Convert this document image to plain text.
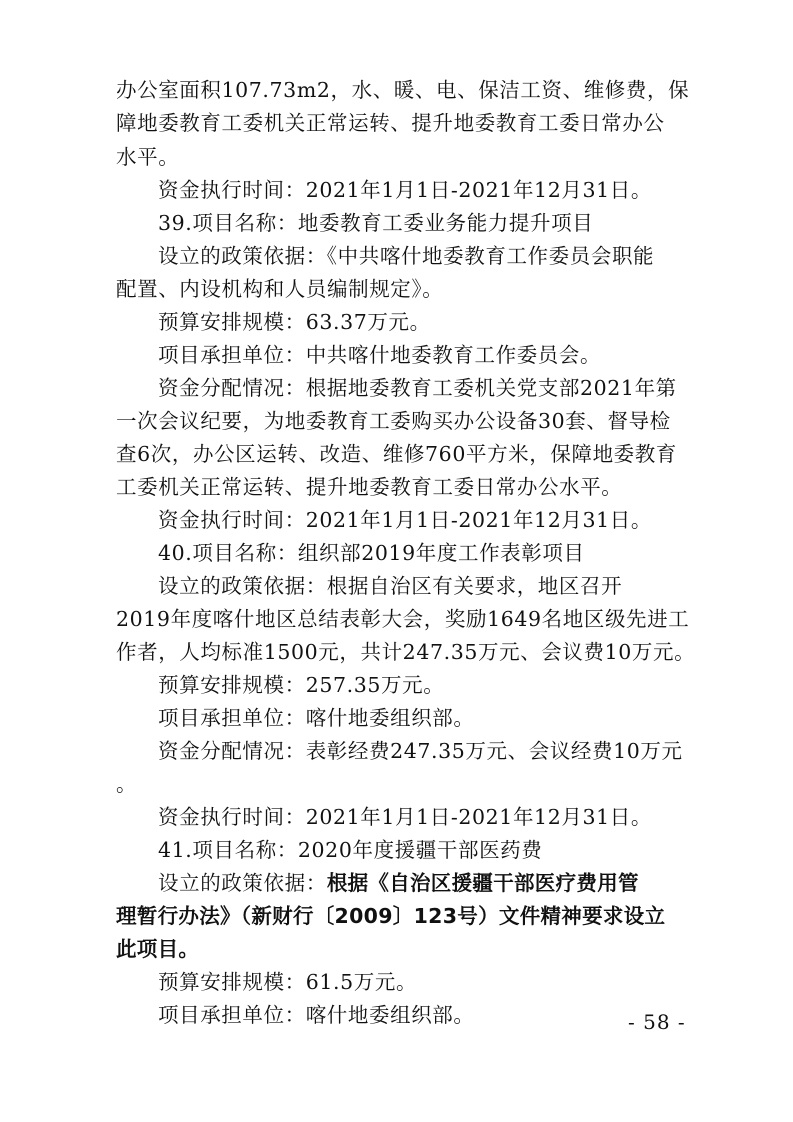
办公室面积107.73m2，水、暖、电、保洁工资、维修费，保
障地委教育工委机关正常运转、提升地委教育工委日常办公
水平。
资金执行时间：2021年1月1日-2021年12月31日。
39.项目名称：地委教育工委业务能力提升项目
设立的政策依据：《中共喀什地委教育工作委员会职能
配置、内设机构和人员编制规定》。
预算安排规模：63.37万元。
项目承担单位：中共喀什地委教育工作委员会。
资金分配情况：根据地委教育工委机关党支部2021年第
一次会议纪要，为地委教育工委购买办公设备30套、督导检
查6次，办公区运转、改造、维修760平方米，保障地委教育
工委机关正常运转、提升地委教育工委日常办公水平。
资金执行时间：2021年1月1日-2021年12月31日。
40.项目名称：组织部2019年度工作表彰项目
设立的政策依据：根据自治区有关要求，地区召开
2019年度喀什地区总结表彰大会，奖励1649名地区级先进工
作者，人均标准1500元，共计247.35万元、会议费10万元。
预算安排规模：257.35万元。
项目承担单位：喀什地委组织部。
资金分配情况：表彰经费247.35万元、会议经费10万元
。
资金执行时间：2021年1月1日-2021年12月31日。
41.项目名称：2020年度援疆干部医药费
设立的政策依据：根据《自治区援疆干部医疗费用管
理暂行办法》（新财行〔2009〕123号）文件精神要求设立
此项目。
预算安排规模：61.5万元。
项目承担单位：喀什地委组织部。	- 58 -
